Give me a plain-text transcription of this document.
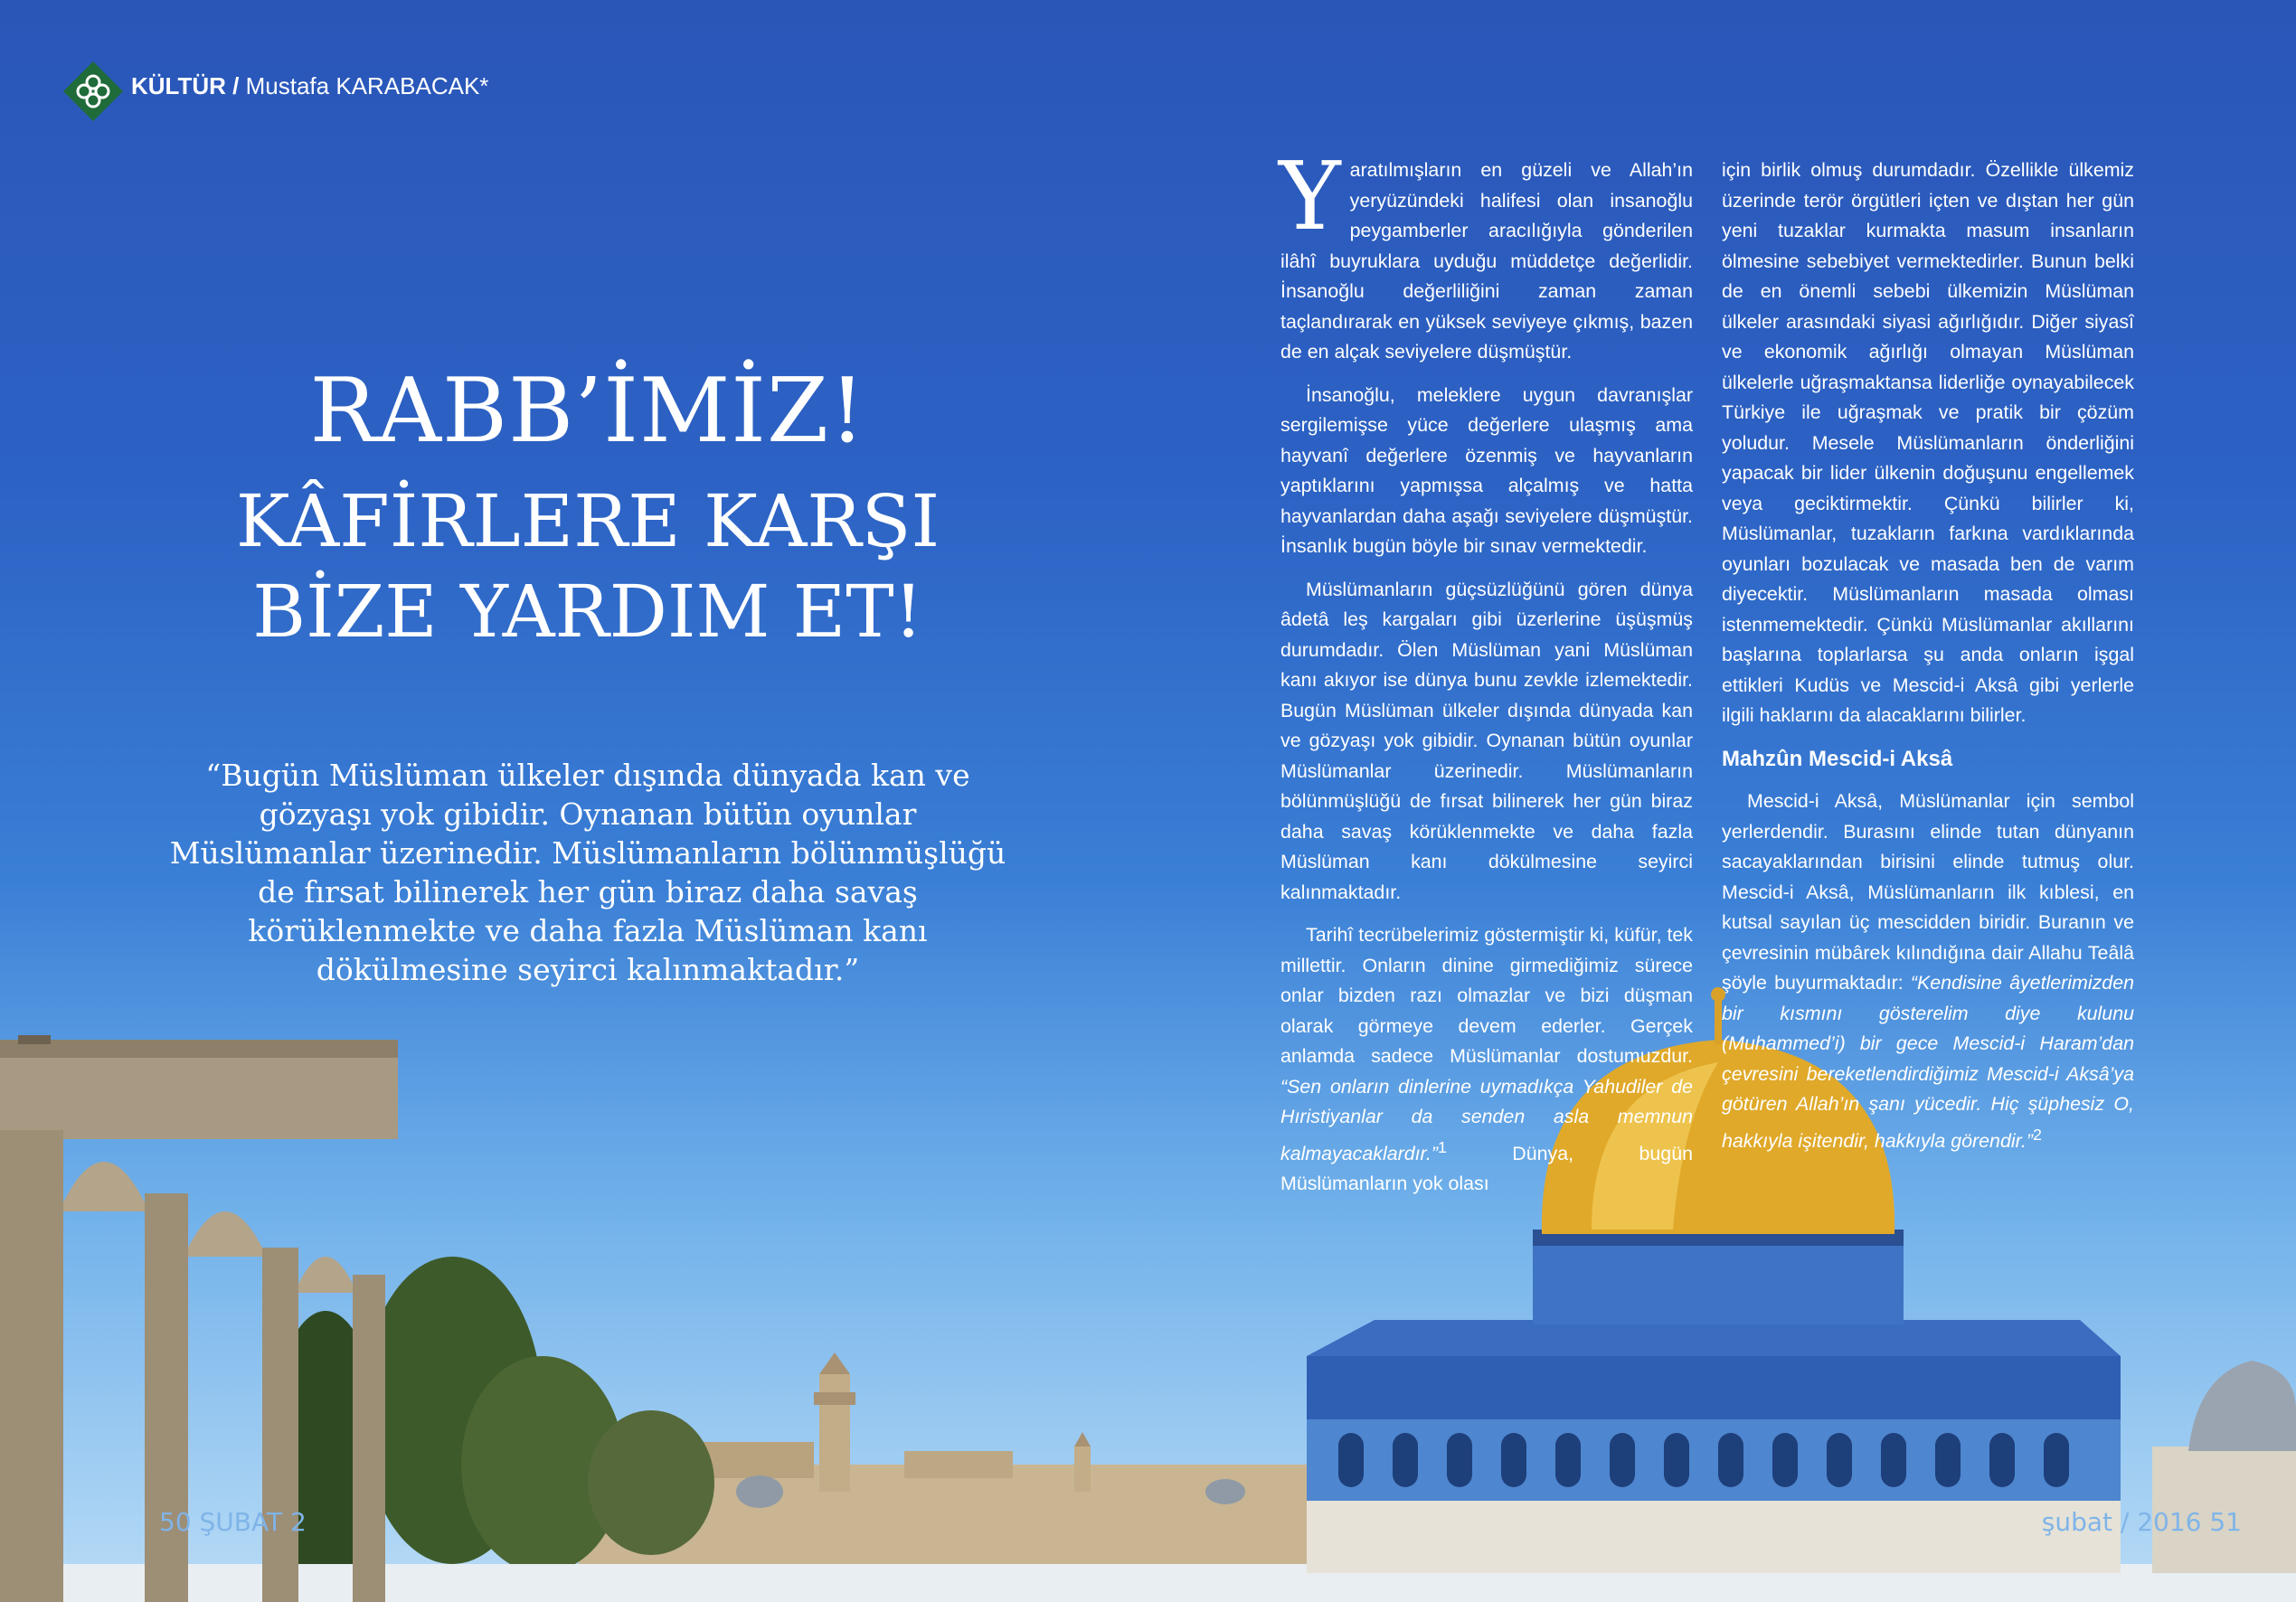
KÜLTÜR / Mustafa KARABACAK*
RABB’İMİZ!
KÂFİRLERE KARŞI
BİZE YARDIM ET!
“Bugün Müslüman ülkeler dışında dünyada kan ve gözyaşı yok gibidir. Oynanan bütün oyunlar Müslümanlar üzerinedir. Müslümanların bölünmüşlüğü de fırsat bilinerek her gün biraz daha savaş körüklenmekte ve daha fazla Müslüman kanı dökülmesine seyirci kalınmaktadır.”

Yaratılmışların en güzeli ve Allah’ın yeryüzündeki halifesi olan insanoğlu peygamberler aracılığıyla gönderilen ilâhî buyruklara uyduğu müddetçe değerlidir. İnsanoğlu değerliliğini zaman zaman taçlandırarak en yüksek seviyeye çıkmış, bazen de en alçak seviyelere düşmüştür.

İnsanoğlu, meleklere uygun davranışlar sergilemişse yüce değerlere ulaşmış ama hayvanî değerlere özenmiş ve hayvanların yaptıklarını yapmışsa alçalmış ve hatta hayvanlardan daha aşağı seviyelere düşmüştür. İnsanlık bugün böyle bir sınav vermektedir.

Müslümanların güçsüzlüğünü gören dünya âdetâ leş kargaları gibi üzerlerine üşüşmüş durumdadır. Ölen Müslüman yani Müslüman kanı akıyor ise dünya bunu zevkle izlemektedir. Bugün Müslüman ülkeler dışında dünyada kan ve gözyaşı yok gibidir. Oynanan bütün oyunlar Müslümanlar üzerinedir. Müslümanların bölünmüşlüğü de fırsat bilinerek her gün biraz daha savaş körüklenmekte ve daha fazla Müslüman kanı dökülmesine seyirci kalınmaktadır.

Tarihî tecrübelerimiz göstermiştir ki, küfür, tek millettir. Onların dinine girmediğimiz sürece onlar bizden razı olmazlar ve bizi düşman olarak görmeye devem ederler. Gerçek anlamda sadece Müslümanlar dostumuzdur. “Sen onların dinlerine uymadıkça Yahudiler de Hıristiyanlar da senden asla memnun kalmayacaklardır.”$^1$ Dünya, bugün Müslümanların yok olası

için birlik olmuş durumdadır. Özellikle ülkemiz üzerinde terör örgütleri içten ve dıştan her gün yeni tuzaklar kurmakta masum insanların ölmesine sebebiyet vermektedirler. Bunun belki de en önemli sebebi ülkemizin Müslüman ülkeler arasındaki siyasi ağırlığıdır. Diğer siyasî ve ekonomik ağırlığı olmayan Müslüman ülkelerle uğraşmaktansa liderliğe oynayabilecek Türkiye ile uğraşmak ve pratik bir çözüm yoludur. Mesele Müslümanların önderliğini yapacak bir lider ülkenin doğuşunu engellemek veya geciktirmektir. Çünkü bilirler ki, Müslümanlar, tuzakların farkına vardıklarında oyunları bozulacak ve masada ben de varım diyecektir. Müslümanların masada olması istenmemektedir. Çünkü Müslümanlar akıllarını başlarına toplarlarsa şu anda onların işgal ettikleri Kudüs ve Mescid-i Aksâ gibi yerlerle ilgili haklarını da alacaklarını bilirler.

Mahzûn Mescid-i Aksâ

Mescid-i Aksâ, Müslümanlar için sembol yerlerdendir. Burasını elinde tutan dünyanın sacayaklarından birisini elinde tutmuş olur. Mescid-i Aksâ, Müslümanların ilk kıblesi, en kutsal sayılan üç mescidden biridir. Buranın ve çevresinin mübârek kılındığına dair Allahu Teâlâ şöyle buyurmaktadır: “Kendisine âyetlerimizden bir kısmını gösterelim diye kulunu (Muhammed’i) bir gece Mescid-i Haram’dan çevresini bereketlendirdiğimiz Mescid-i Aksâ’ya götüren Allah’ın şanı yücedir. Hiç şüphesiz O, hakkıyla işitendir, hakkıyla görendir.”$^2$

50 ŞUBAT 2	şubat / 2016 51
